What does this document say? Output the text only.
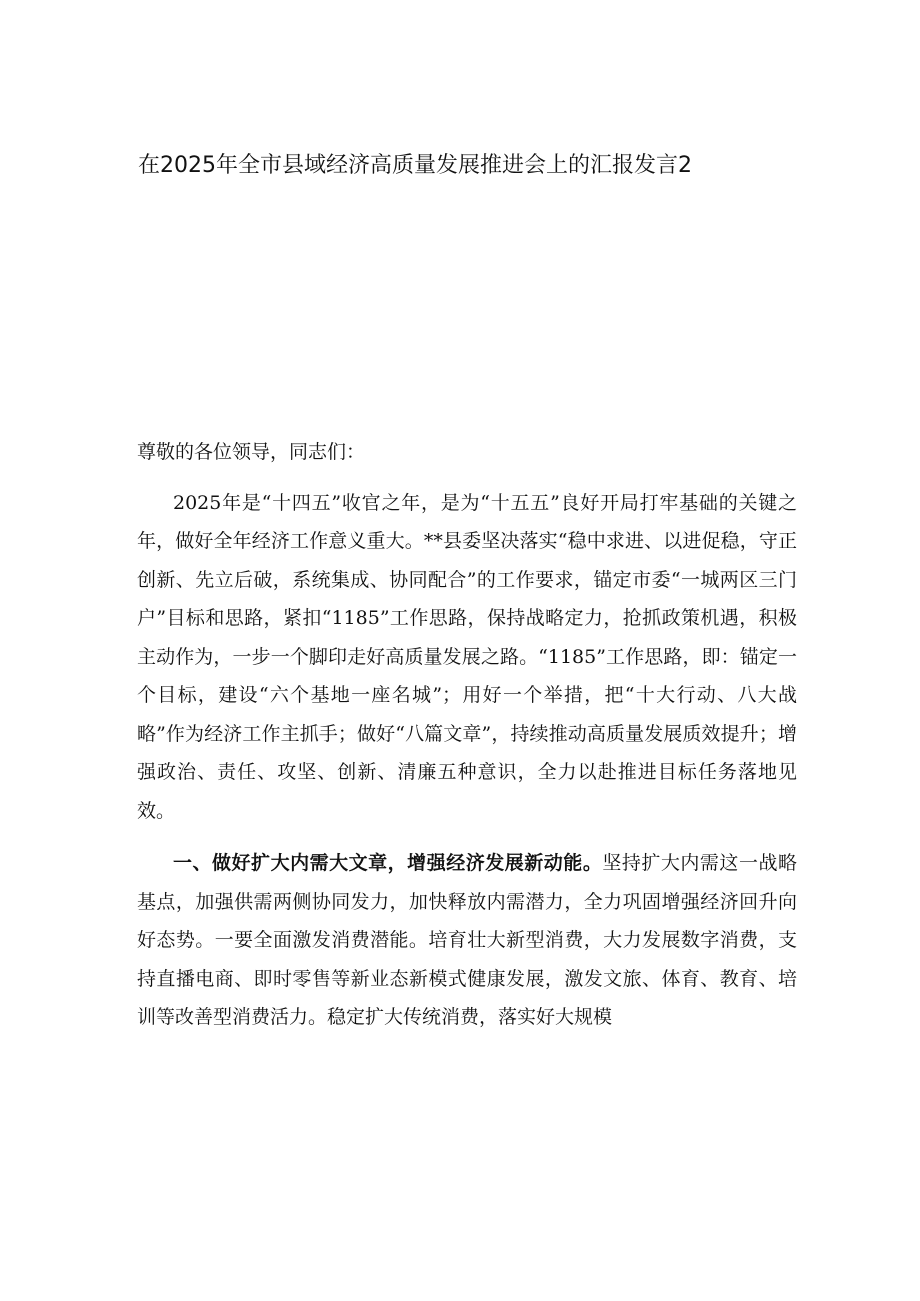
在2025年全市县域经济高质量发展推进会上的汇报发言2

尊敬的各位领导，同志们：

2025年是“十四五”收官之年，是为“十五五”良好开局打牢基础的关键之年，做好全年经济工作意义重大。**县委坚决落实“稳中求进、以进促稳，守正创新、先立后破，系统集成、协同配合”的工作要求，锚定市委“一城两区三门户”目标和思路，紧扣“1185”工作思路，保持战略定力，抢抓政策机遇，积极主动作为，一步一个脚印走好高质量发展之路。“1185”工作思路，即：锚定一个目标，建设“六个基地一座名城”；用好一个举措，把“十大行动、八大战略”作为经济工作主抓手；做好“八篇文章”，持续推动高质量发展质效提升；增强政治、责任、攻坚、创新、清廉五种意识，全力以赴推进目标任务落地见效。

一、做好扩大内需大文章，增强经济发展新动能。坚持扩大内需这一战略基点，加强供需两侧协同发力，加快释放内需潜力，全力巩固增强经济回升向好态势。一要全面激发消费潜能。培育壮大新型消费，大力发展数字消费，支持直播电商、即时零售等新业态新模式健康发展，激发文旅、体育、教育、培训等改善型消费活力。稳定扩大传统消费，落实好大规模
